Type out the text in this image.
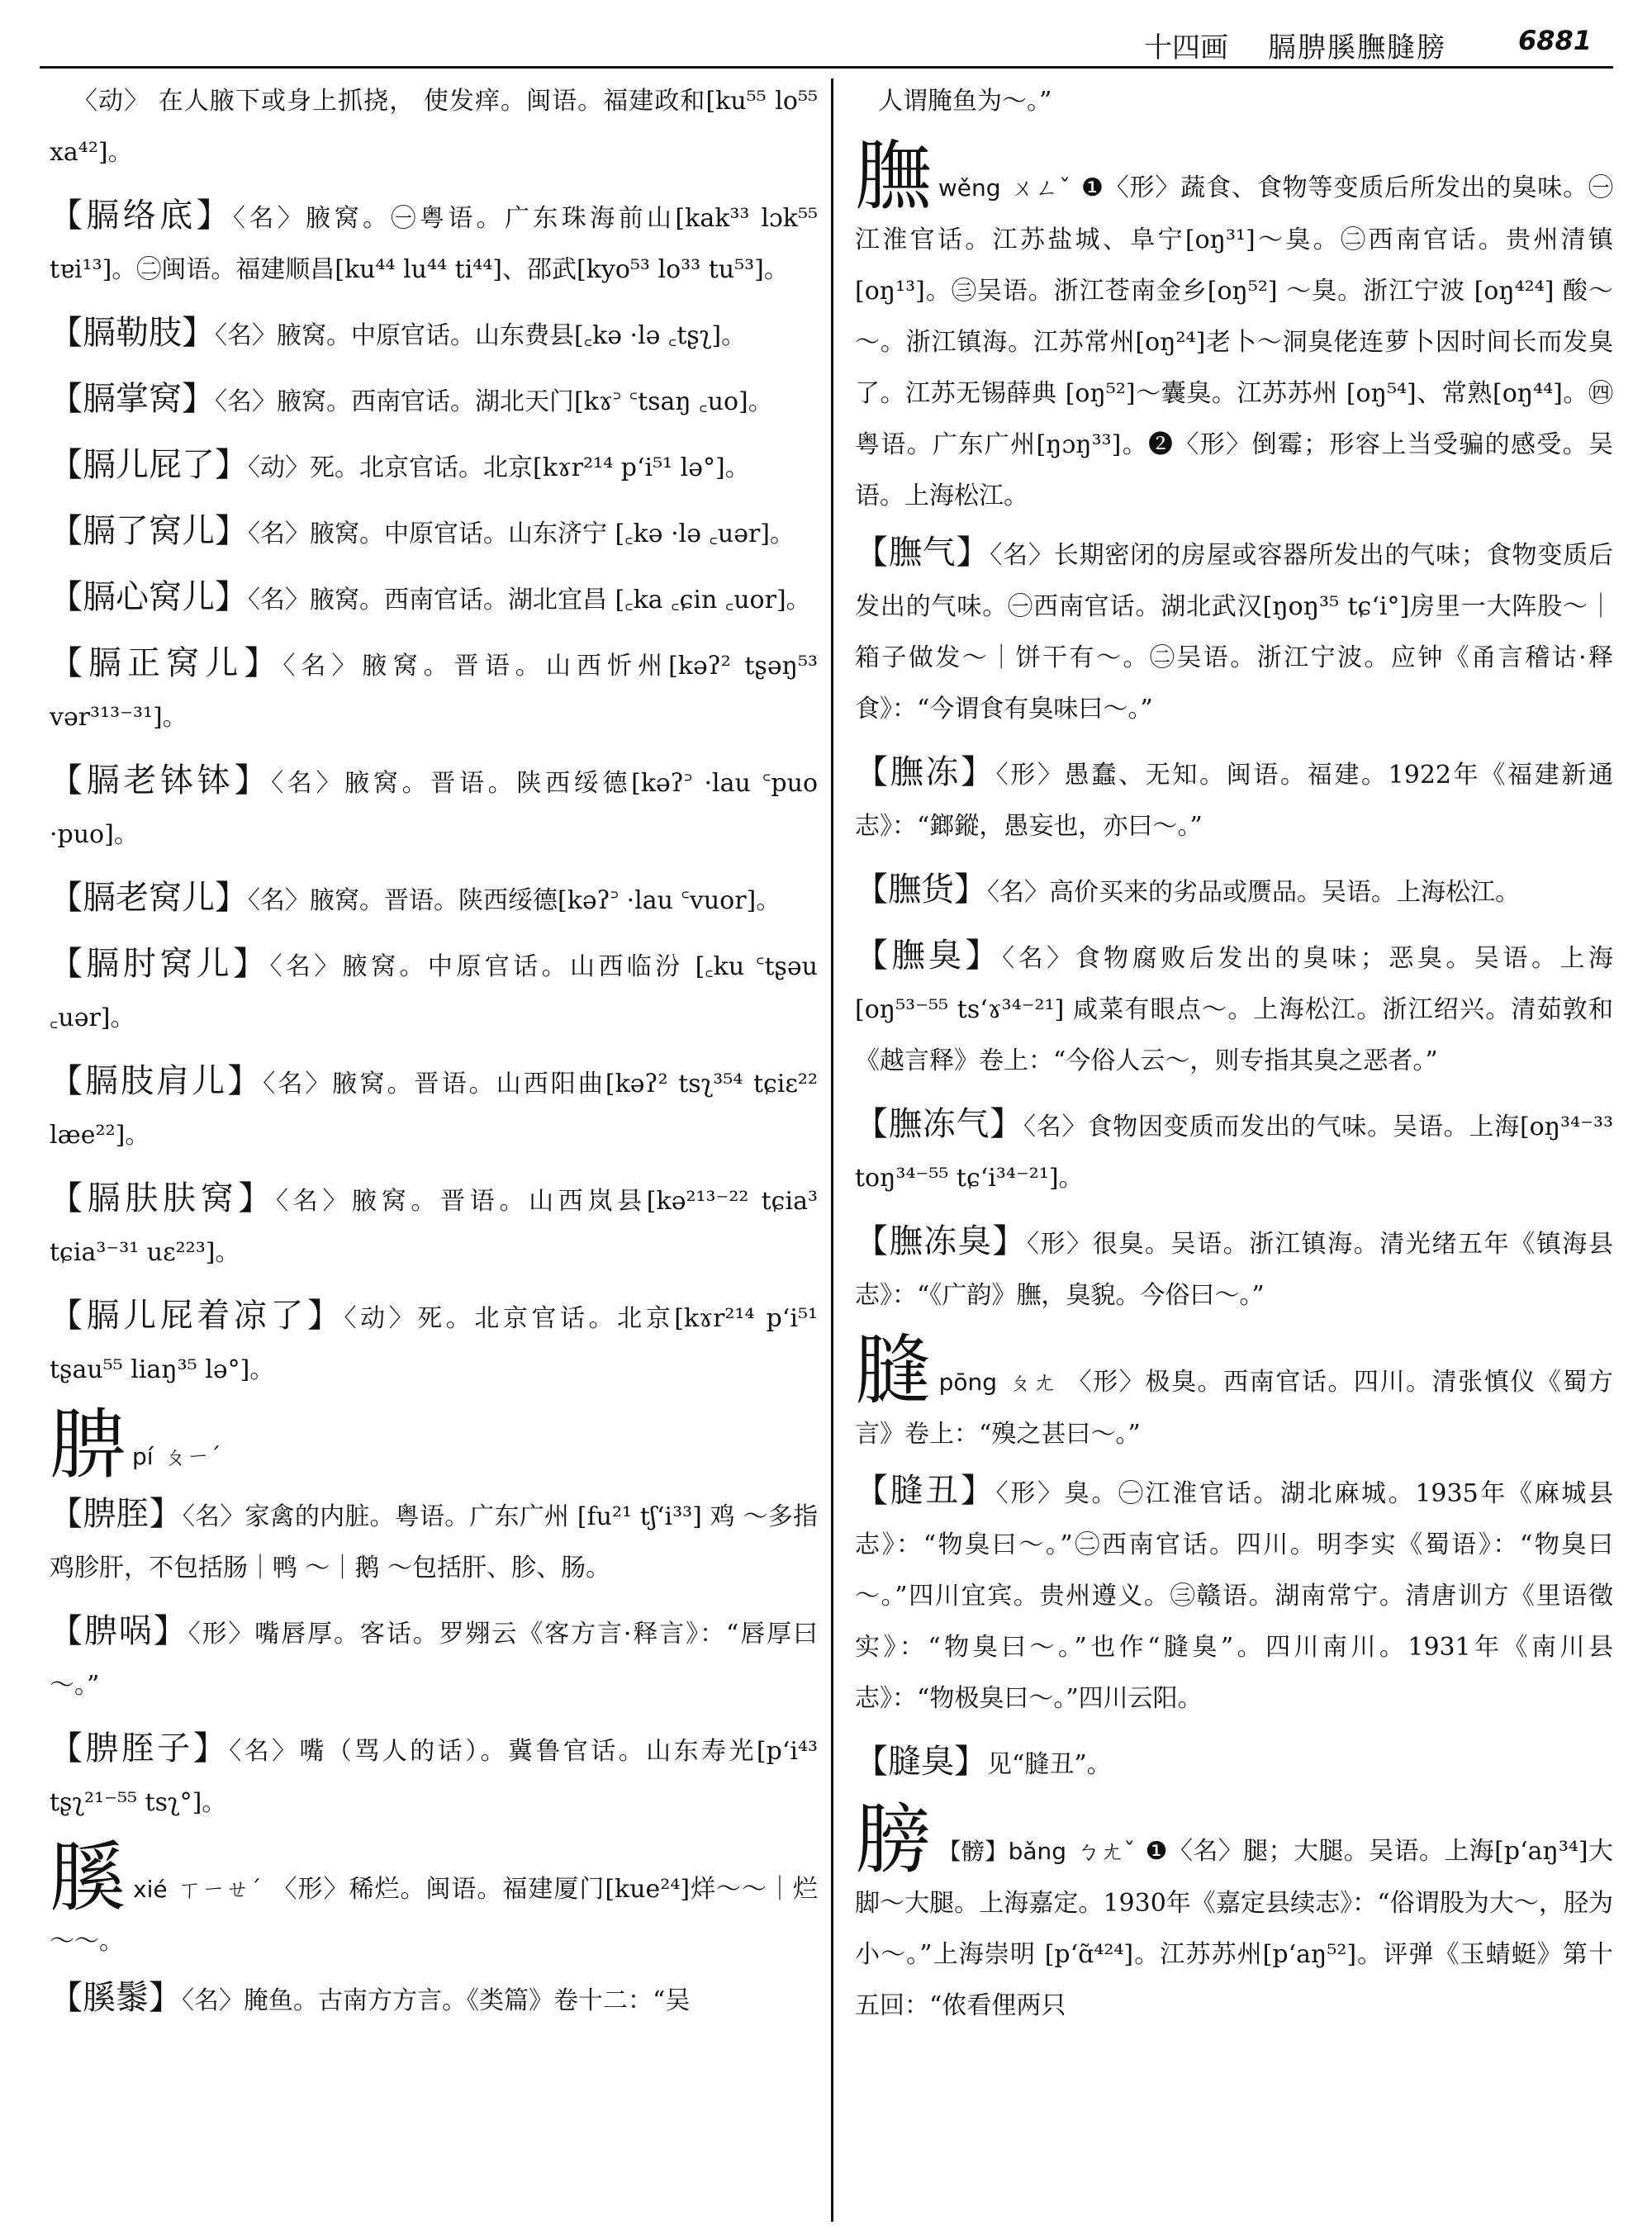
十四画 膈腗膎膴膖膀	6881
〈动〉 在人腋下或身上抓挠， 使发痒。闽语。福建政和[ku⁵⁵ lo⁵⁵ xa⁴²]。
【膈络底】〈名〉腋窝。㊀粤语。广东珠海前山[kak³³ lɔk⁵⁵ tɐi¹³]。㊁闽语。福建顺昌[ku⁴⁴ lu⁴⁴ ti⁴⁴]、邵武[kyo⁵³ lo³³ tu⁵³]。
【膈勒肢】〈名〉腋窝。中原官话。山东费县[꜀kə ·lə ꜀tʂʅ]。
【膈掌窝】〈名〉腋窝。西南官话。湖北天门[kɤ꜄ ꜂tsaŋ ꜀uo]。
【膈儿屁了】〈动〉死。北京官话。北京[kɤr²¹⁴ p‘i⁵¹ lə°]。
【膈了窝儿】〈名〉腋窝。中原官话。山东济宁 [꜀kə ·lə ꜀uər]。
【膈心窝儿】〈名〉腋窝。西南官话。湖北宜昌 [꜀ka ꜀ɕin ꜀uor]。
【膈正窝儿】〈名〉腋窝。晋语。山西忻州[kəʔ² tʂəŋ⁵³ vər³¹³⁻³¹]。
【膈老钵钵】〈名〉腋窝。晋语。陕西绥德[kəʔ꜄ ·lau ꜂puo ·puo]。
【膈老窝儿】〈名〉腋窝。晋语。陕西绥德[kəʔ꜄ ·lau ꜂vuor]。
【膈肘窝儿】〈名〉腋窝。中原官话。山西临汾 [꜀ku ꜂tʂəu ꜀uər]。
【膈肢肩儿】〈名〉腋窝。晋语。山西阳曲[kəʔ² tsʅ³⁵⁴ tɕiɛ²² læe²²]。
【膈肤肤窝】〈名〉腋窝。晋语。山西岚县[kə²¹³⁻²² tɕia³ tɕia³⁻³¹ uɛ²²³]。
【膈儿屁着凉了】〈动〉死。北京官话。北京[kɤr²¹⁴ p‘i⁵¹ tʂau⁵⁵ liaŋ³⁵ lə°]。
腗pí ㄆㄧˊ
【腗胵】〈名〉家禽的内脏。粤语。广东广州 [fu²¹ tʃ‘i³³] 鸡 ～多指鸡胗肝，不包括肠｜鸭 ～｜鹅 ～包括肝、胗、肠。
【腗㖞】〈形〉嘴唇厚。客话。罗翙云《客方言·释言》：“唇厚曰～。”
【腗胵子】〈名〉嘴（骂人的话）。冀鲁官话。山东寿光[p‘i⁴³ tʂʅ²¹⁻⁵⁵ tsʅ°]。
膎xié ㄒㄧㄝˊ 〈形〉稀烂。闽语。福建厦门[kue²⁴]烊～～｜烂～～。
【膎䰍】〈名〉腌鱼。古南方方言。《类篇》卷十二：“吴
人谓腌鱼为～。”
膴wěng ㄨㄥˇ ❶〈形〉蔬食、食物等变质后所发出的臭味。㊀江淮官话。江苏盐城、阜宁[oŋ³¹]～臭。㊁西南官话。贵州清镇[oŋ¹³]。㊂吴语。浙江苍南金乡[oŋ⁵²] ～臭。浙江宁波 [oŋ⁴²⁴] 酸～～。浙江镇海。江苏常州[oŋ²⁴]老卜～洞臭佬连萝卜因时间长而发臭了。江苏无锡薛典 [oŋ⁵²]～囊臭。江苏苏州 [oŋ⁵⁴]、常熟[oŋ⁴⁴]。㊃粤语。广东广州[ŋɔŋ³³]。❷〈形〉倒霉；形容上当受骗的感受。吴语。上海松江。
【膴气】〈名〉长期密闭的房屋或容器所发出的气味；食物变质后发出的气味。㊀西南官话。湖北武汉[ŋoŋ³⁵ tɕ‘i°]房里一大阵股～｜箱子做发～｜饼干有～。㊁吴语。浙江宁波。应钟《甬言稽诂·释食》：“今谓食有臭味曰～。”
【膴冻】〈形〉愚蠢、无知。闽语。福建。1922年《福建新通志》：“鎯鏦，愚妄也，亦曰～。”
【膴货】〈名〉高价买来的劣品或赝品。吴语。上海松江。
【膴臭】〈名〉食物腐败后发出的臭味；恶臭。吴语。上海[oŋ⁵³⁻⁵⁵ ts‘ɤ³⁴⁻²¹] 咸菜有眼点～。上海松江。浙江绍兴。清茹敦和《越言释》卷上：“今俗人云～，则专指其臭之恶者。”
【膴冻气】〈名〉食物因变质而发出的气味。吴语。上海[oŋ³⁴⁻³³ toŋ³⁴⁻⁵⁵ tɕ‘i³⁴⁻²¹]。
【膴冻臭】〈形〉很臭。吴语。浙江镇海。清光绪五年《镇海县志》：“《广韵》膴，臭貌。今俗曰～。”
膖pōng ㄆㄤ 〈形〉极臭。西南官话。四川。清张慎仪《蜀方言》卷上：“殠之甚曰～。”
【膖丑】〈形〉臭。㊀江淮官话。湖北麻城。1935年《麻城县志》：“物臭曰～。”㊁西南官话。四川。明李实《蜀语》：“物臭曰～。”四川宜宾。贵州遵义。㊂赣语。湖南常宁。清唐训方《里语徵实》：“物臭曰～。”也作“膖臭”。四川南川。1931年《南川县志》：“物极臭曰～。”四川云阳。
【膖臭】见“膖丑”。
膀 【髈】bǎng ㄅㄤˇ ❶〈名〉腿；大腿。吴语。上海[p‘aŋ³⁴]大脚～大腿。上海嘉定。1930年《嘉定县续志》：“俗谓股为大～，胫为小～。”上海崇明 [p‘ɑ̃⁴²⁴]。江苏苏州[p‘aŋ⁵²]。评弹《玉蜻蜓》第十五回：“侬看俚两只
